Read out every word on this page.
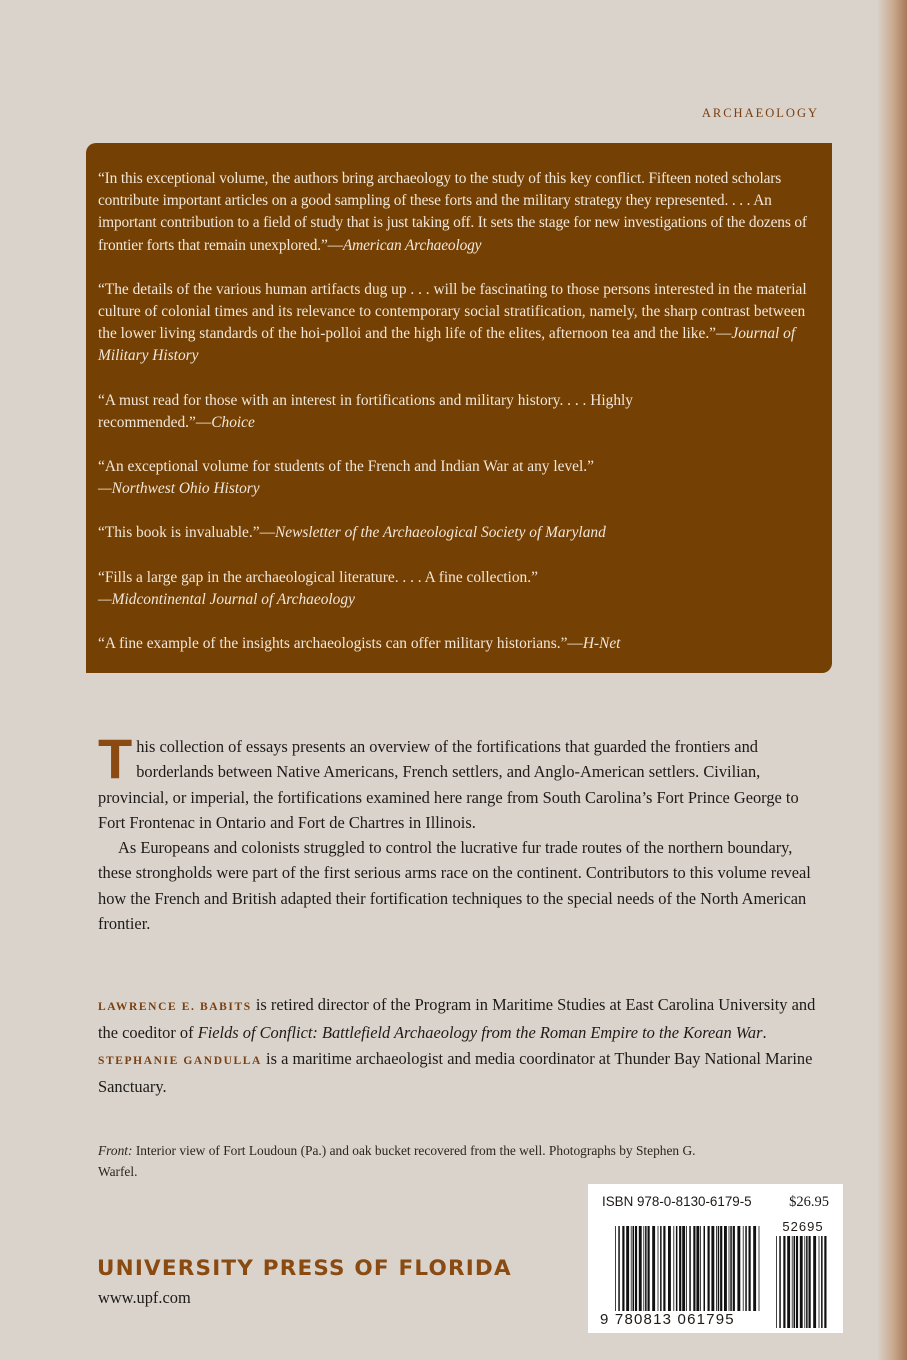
ARCHAEOLOGY

“In this exceptional volume, the authors bring archaeology to the study of this key conflict. Fifteen noted scholars contribute important articles on a good sampling of these forts and the military strategy they represented. . . . An important contribution to a field of study that is just taking off. It sets the stage for new investigations of the dozens of frontier forts that remain unexplored.”—American Archaeology

“The details of the various human artifacts dug up . . . will be fascinating to those persons interested in the material culture of colonial times and its relevance to contemporary social stratification, namely, the sharp contrast between the lower living standards of the hoi-polloi and the high life of the elites, afternoon tea and the like.”—Journal of Military History

“A must read for those with an interest in fortifications and military history. . . . Highly recommended.”—Choice

“An exceptional volume for students of the French and Indian War at any level.”
—Northwest Ohio History

“This book is invaluable.”—Newsletter of the Archaeological Society of Maryland

“Fills a large gap in the archaeological literature. . . . A fine collection.”
—Midcontinental Journal of Archaeology

“A fine example of the insights archaeologists can offer military historians.”—H-Net

This collection of essays presents an overview of the fortifications that guarded the frontiers and borderlands between Native Americans, French settlers, and Anglo-American settlers. Civilian, provincial, or imperial, the fortifications examined here range from South Carolina’s Fort Prince George to Fort Frontenac in Ontario and Fort de Chartres in Illinois.

As Europeans and colonists struggled to control the lucrative fur trade routes of the northern boundary, these strongholds were part of the first serious arms race on the continent. Contributors to this volume reveal how the French and British adapted their fortification techniques to the special needs of the North American frontier.

LAWRENCE E. BABITS is retired director of the Program in Maritime Studies at East Carolina University and the coeditor of Fields of Conflict: Battlefield Archaeology from the Roman Empire to the Korean War.

STEPHANIE GANDULLA is a maritime archaeologist and media coordinator at Thunder Bay National Marine Sanctuary.

Front: Interior view of Fort Loudoun (Pa.) and oak bucket recovered from the well. Photographs by Stephen G. Warfel.
UNIVERSITY PRESS OF FLORIDA
www.upf.com
ISBN 978-0-8130-6179-5	$26.95
52695
9 780813 061795
